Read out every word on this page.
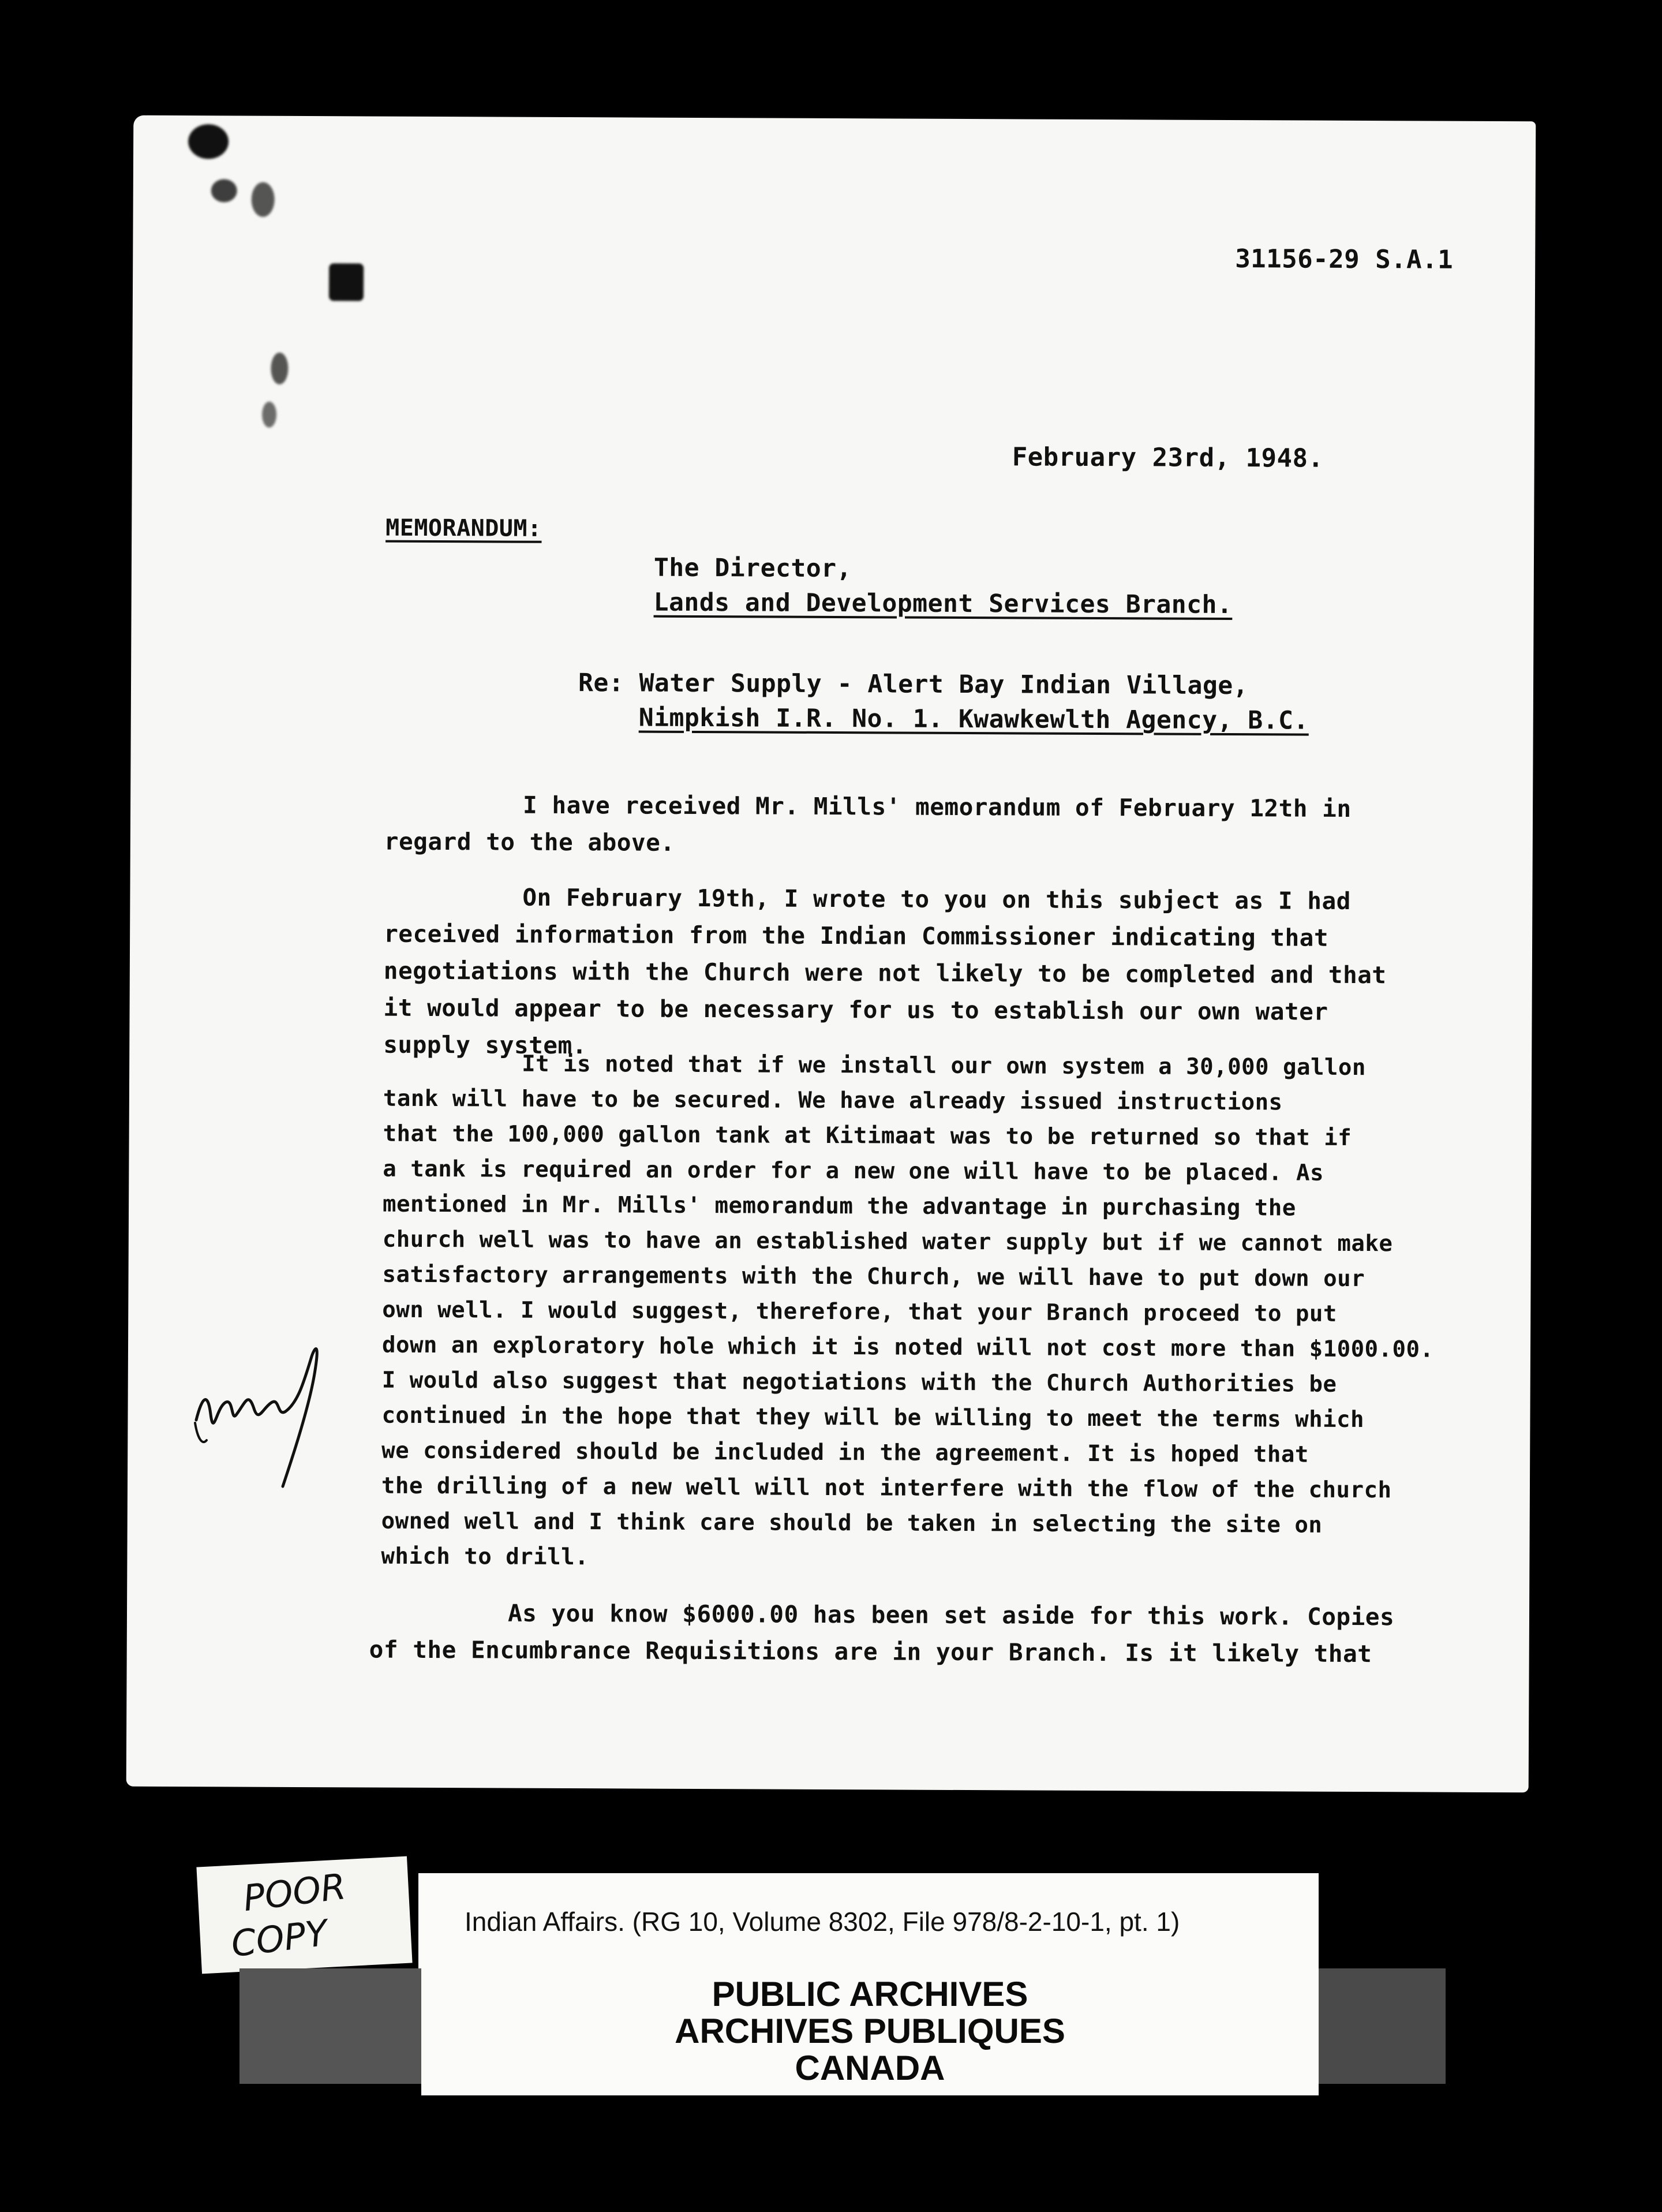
31156-29 S.A.1

February 23rd, 1948.

MEMORANDUM:

The Director,

Lands and Development Services Branch.

Re: Water Supply - Alert Bay Indian Village,

Nimpkish I.R. No. 1. Kwawkewlth Agency, B.C.

I have received Mr. Mills' memorandum of February 12th in
regard to the above.
On February 19th, I wrote to you on this subject as I had
received information from the Indian Commissioner indicating that
negotiations with the Church were not likely to be completed and that
it would appear to be necessary for us to establish our own water
supply system.
It is noted that if we install our own system a 30,000 gallon
tank will have to be secured. We have already issued instructions
that the 100,000 gallon tank at Kitimaat was to be returned so that if
a tank is required an order for a new one will have to be placed. As
mentioned in Mr. Mills' memorandum the advantage in purchasing the
church well was to have an established water supply but if we cannot make
satisfactory arrangements with the Church, we will have to put down our
own well. I would suggest, therefore, that your Branch proceed to put
down an exploratory hole which it is noted will not cost more than $1000.00.
I would also suggest that negotiations with the Church Authorities be
continued in the hope that they will be willing to meet the terms which
we considered should be included in the agreement. It is hoped that
the drilling of a new well will not interfere with the flow of the church
owned well and I think care should be taken in selecting the site on
which to drill.
As you know $6000.00 has been set aside for this work. Copies
of the Encumbrance Requisitions are in your Branch. Is it likely that
POOR
COPY	Indian Affairs. (RG 10, Volume 8302, File 978/8-2-10-1, pt. 1)

PUBLIC ARCHIVES

ARCHIVES PUBLIQUES

CANADA
